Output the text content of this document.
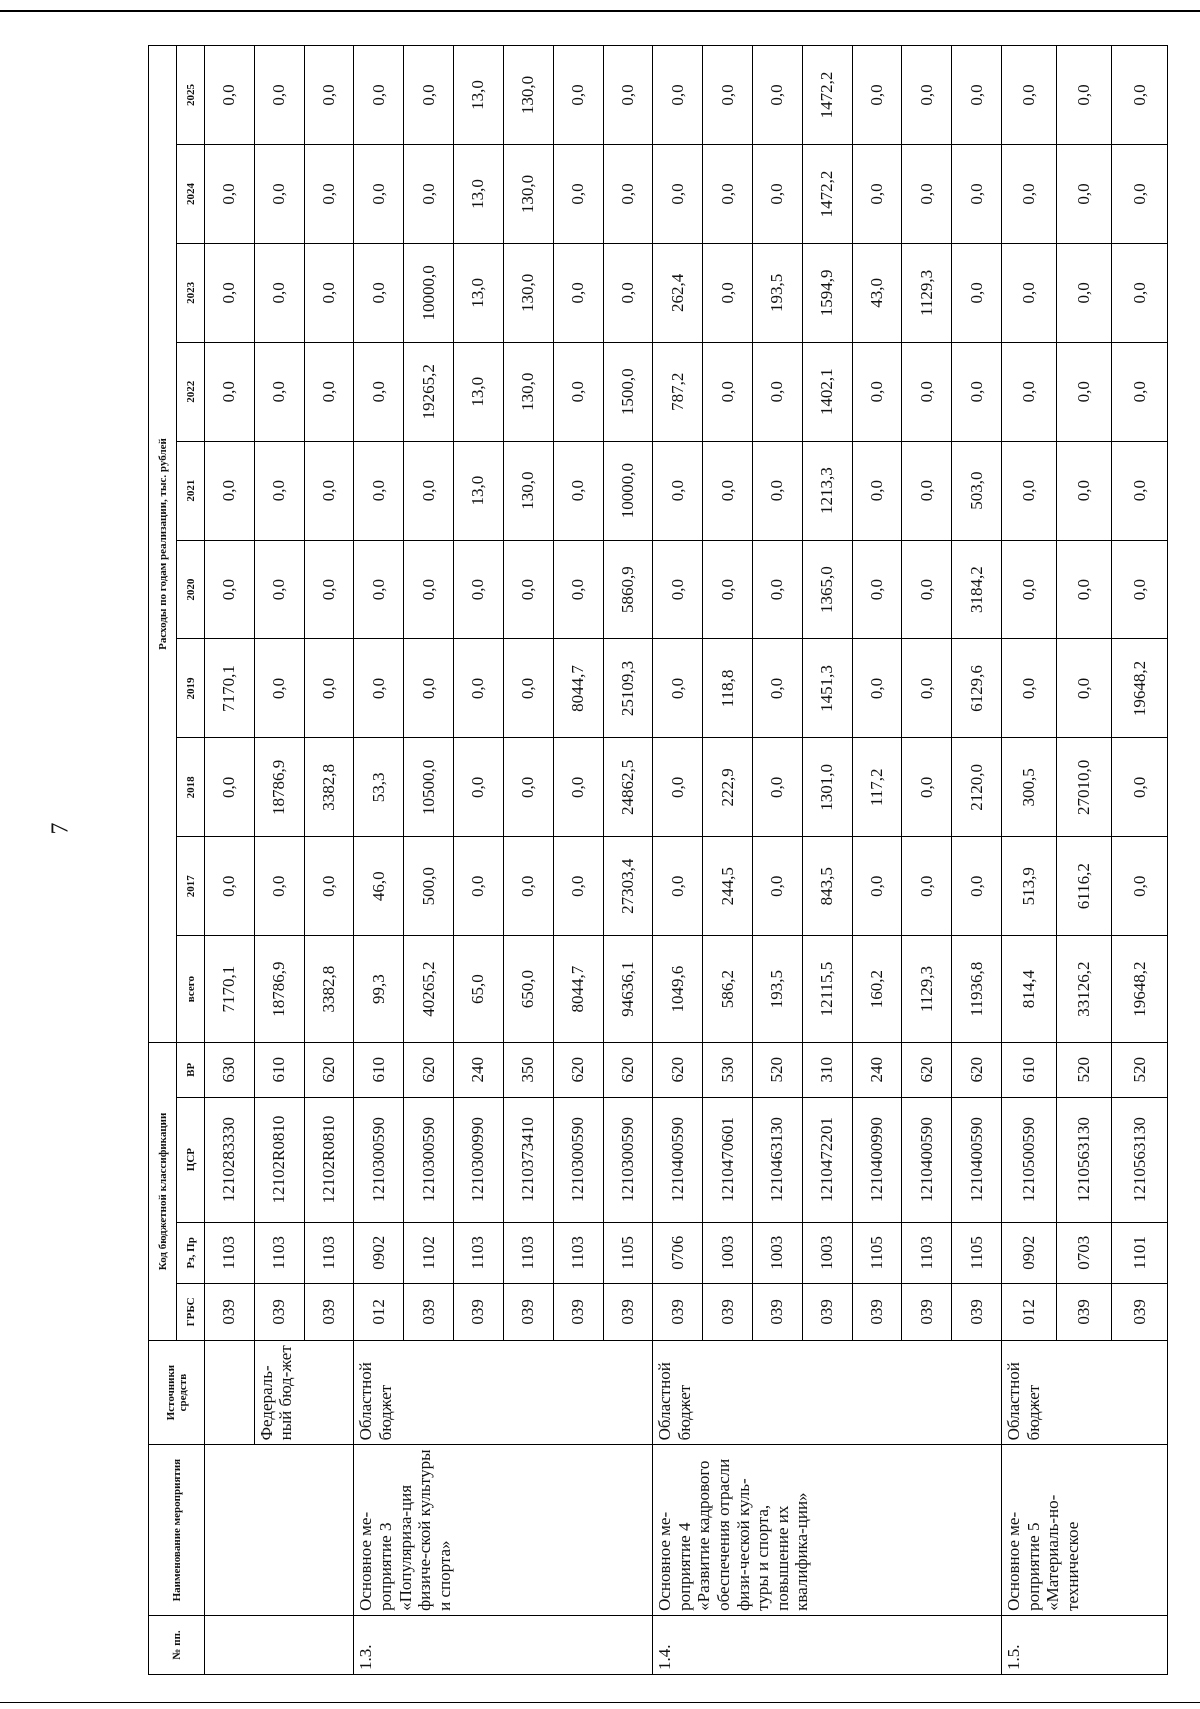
7
№ пп.	Наименование мероприятия	Источники средств	Код бюджетной классификации				Расходы по годам реализации, тыс. рублей									
			ГРБС	Рз, Пр	ЦСР	ВР	всего	2017	2018	2019	2020	2021	2022	2023	2024	2025

			039	1103	1210283330	630	7170,1	0,0	0,0	7170,1	0,0	0,0	0,0	0,0	0,0	0,0
		Федераль-ный бюд-жет	039	1103	12102R0810	610	18786,9	0,0	18786,9	0,0	0,0	0,0	0,0	0,0	0,0	0,0
			039	1103	12102R0810	620	3382,8	0,0	3382,8	0,0	0,0	0,0	0,0	0,0	0,0	0,0
1.3.	Основное ме-роприятие 3 «Популяриза-ция физиче-ской культуры и спорта»	Областной бюджет	012	0902	1210300590	610	99,3	46,0	53,3	0,0	0,0	0,0	0,0	0,0	0,0	0,0
			039	1102	1210300590	620	40265,2	500,0	10500,0	0,0	0,0	0,0	19265,2	10000,0	0,0	0,0
			039	1103	1210300990	240	65,0	0,0	0,0	0,0	0,0	13,0	13,0	13,0	13,0	13,0
			039	1103	1210373410	350	650,0	0,0	0,0	0,0	0,0	130,0	130,0	130,0	130,0	130,0
			039	1103	1210300590	620	8044,7	0,0	0,0	8044,7	0,0	0,0	0,0	0,0	0,0	0,0
			039	1105	1210300590	620	94636,1	27303,4	24862,5	25109,3	5860,9	10000,0	1500,0	0,0	0,0	0,0
1.4.	Основное ме-роприятие 4 «Развитие кадрового обеспечения отрасли физи-ческой куль-туры и спорта, повышение их квалифика-ции»	Областной бюджет	039	0706	1210400590	620	1049,6	0,0	0,0	0,0	0,0	0,0	787,2	262,4	0,0	0,0
			039	1003	1210470601	530	586,2	244,5	222,9	118,8	0,0	0,0	0,0	0,0	0,0	0,0
			039	1003	1210463130	520	193,5	0,0	0,0	0,0	0,0	0,0	0,0	193,5	0,0	0,0
			039	1003	1210472201	310	12115,5	843,5	1301,0	1451,3	1365,0	1213,3	1402,1	1594,9	1472,2	1472,2
			039	1105	1210400990	240	160,2	0,0	117,2	0,0	0,0	0,0	0,0	43,0	0,0	0,0
			039	1103	1210400590	620	1129,3	0,0	0,0	0,0	0,0	0,0	0,0	1129,3	0,0	0,0
			039	1105	1210400590	620	11936,8	0,0	2120,0	6129,6	3184,2	503,0	0,0	0,0	0,0	0,0
1.5.	Основное ме-роприятие 5 «Материаль-но-техническое	Областной бюджет	012	0902	1210500590	610	814,4	513,9	300,5	0,0	0,0	0,0	0,0	0,0	0,0	0,0
			039	0703	1210563130	520	33126,2	6116,2	27010,0	0,0	0,0	0,0	0,0	0,0	0,0	0,0
			039	1101	1210563130	520	19648,2	0,0	0,0	19648,2	0,0	0,0	0,0	0,0	0,0	0,0
